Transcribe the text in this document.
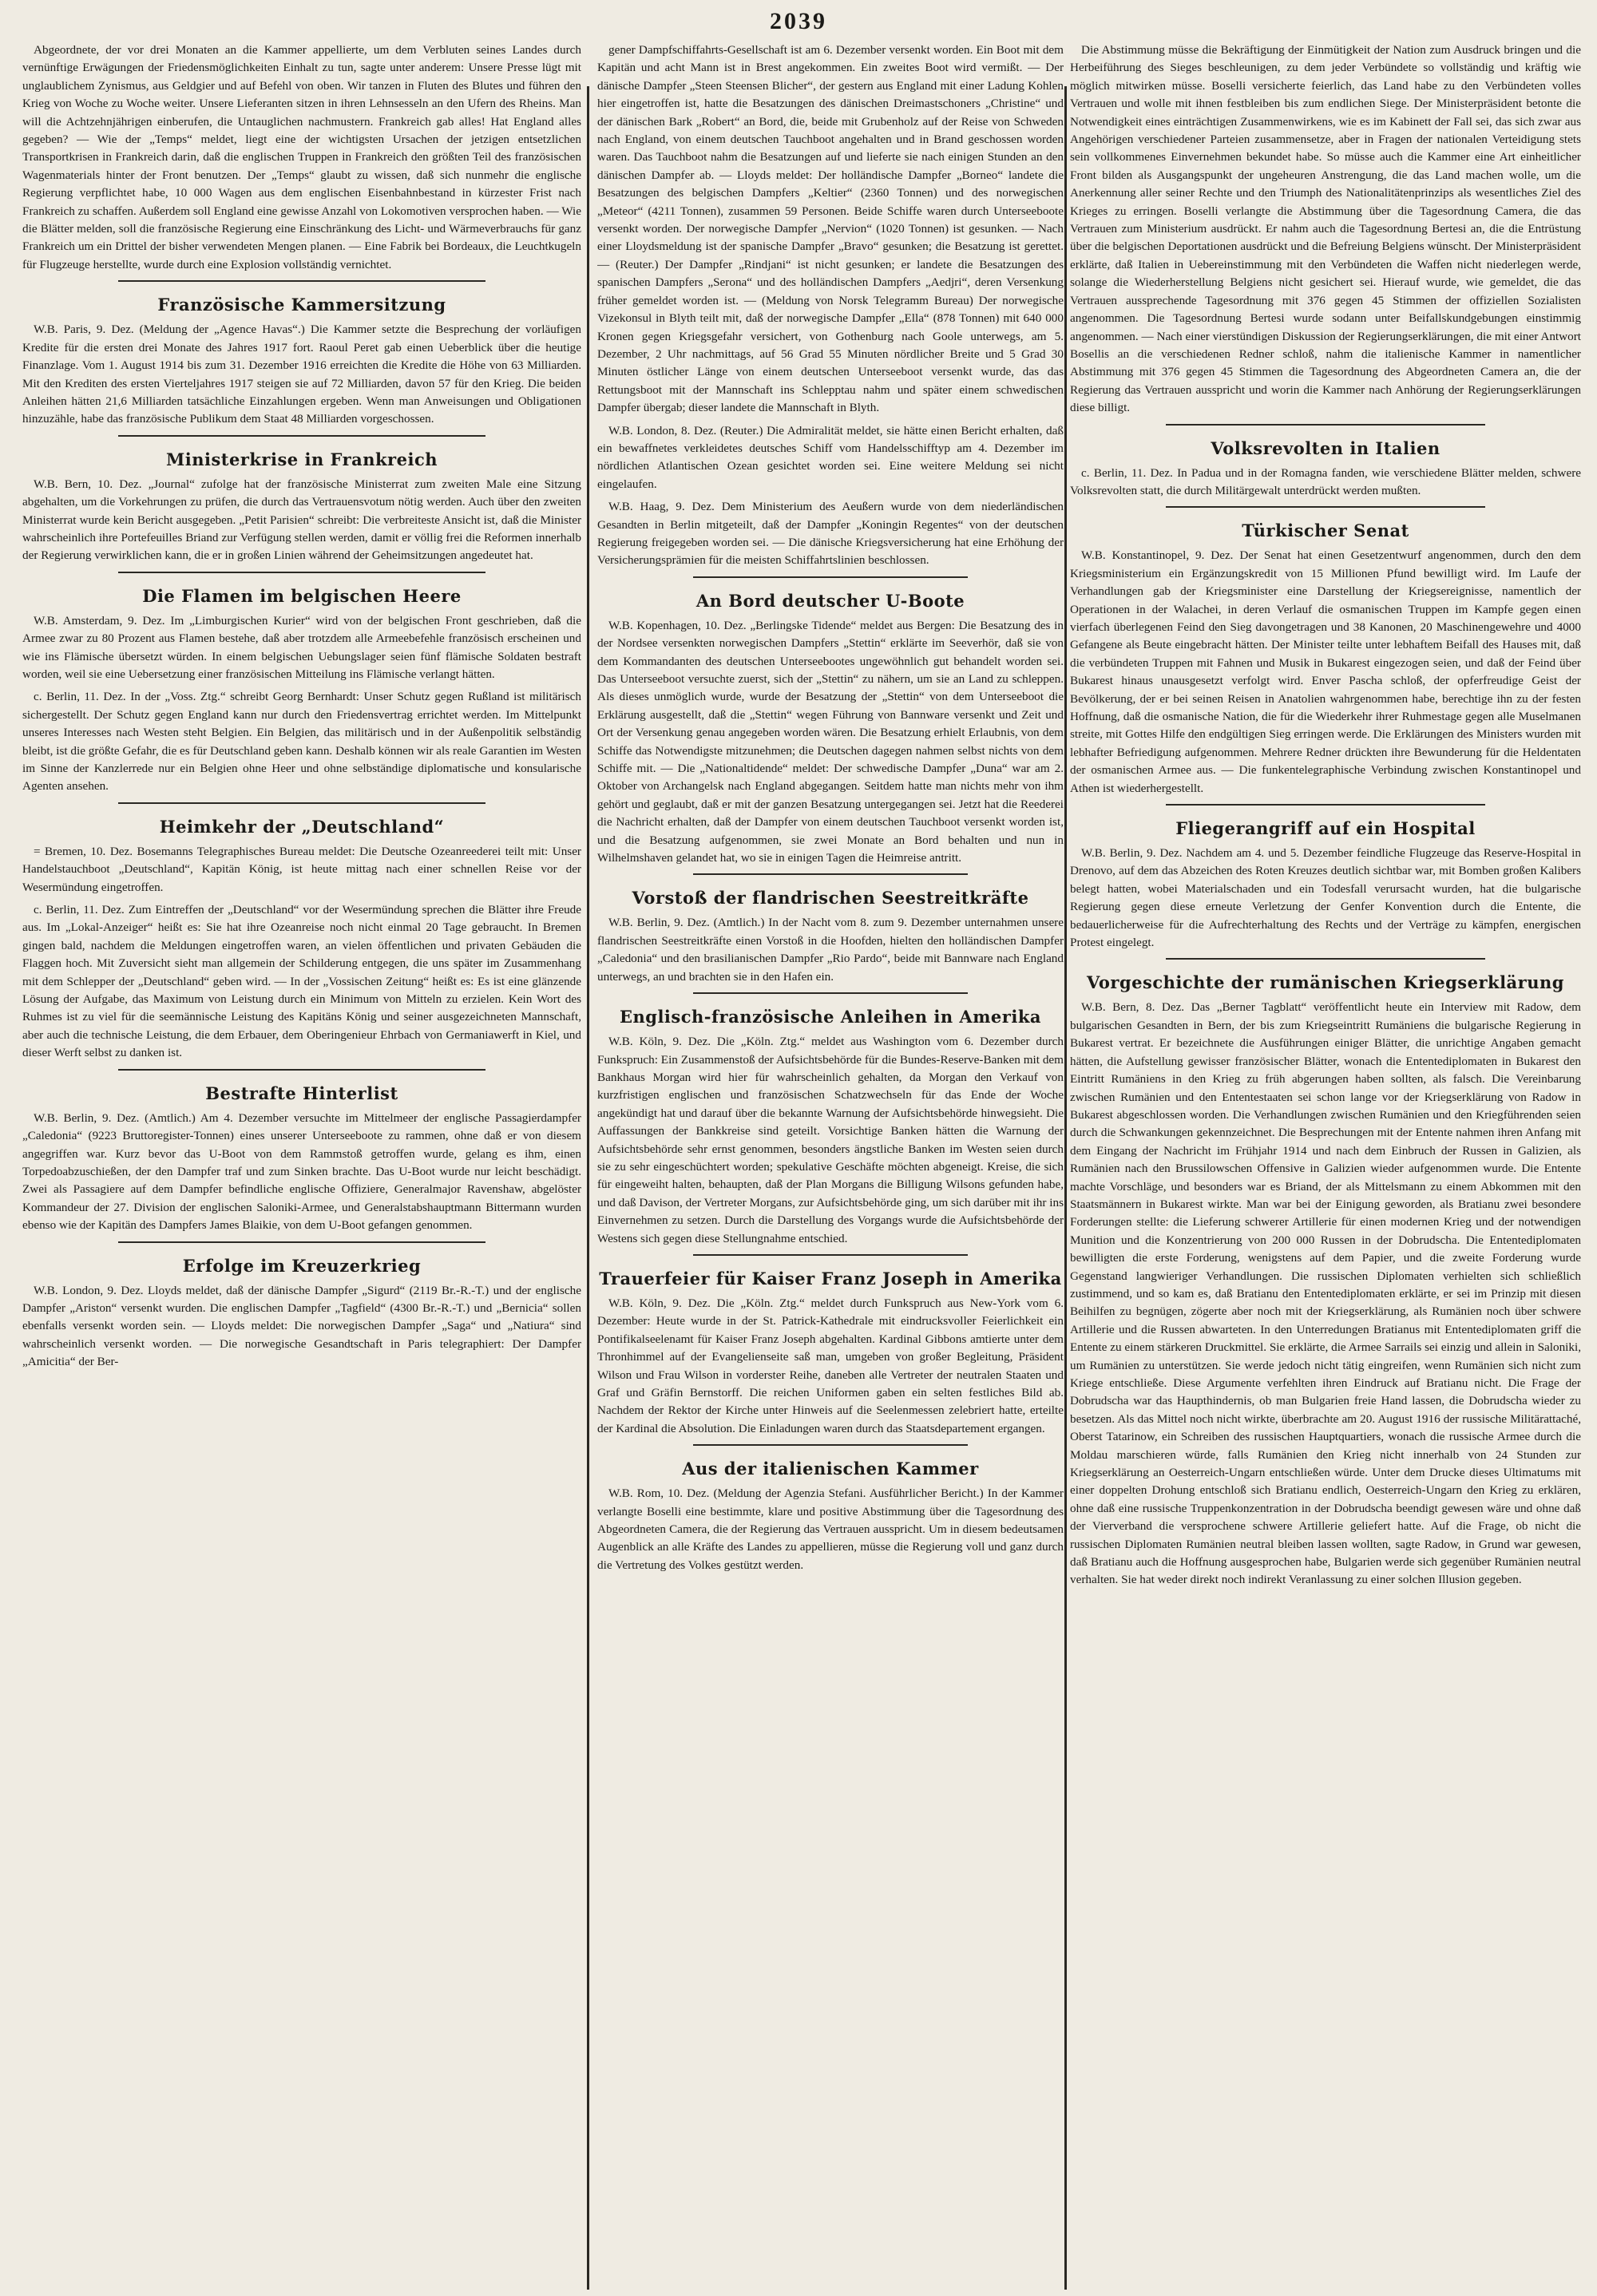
2039

Abgeordnete, der vor drei Monaten an die Kammer appellierte, um dem Verbluten seines Landes durch vernünftige Erwägungen der Friedensmöglichkeiten Einhalt zu tun, sagte unter anderem: Unsere Presse lügt mit unglaublichem Zynismus, aus Geldgier und auf Befehl von oben. Wir tanzen in Fluten des Blutes und führen den Krieg von Woche zu Woche weiter. Unsere Lieferanten sitzen in ihren Lehnsesseln an den Ufern des Rheins. Man will die Achtzehnjährigen einberufen, die Untauglichen nachmustern. Frankreich gab alles! Hat England alles gegeben? — Wie der „Temps“ meldet, liegt eine der wichtigsten Ursachen der jetzigen entsetzlichen Transportkrisen in Frankreich darin, daß die englischen Truppen in Frankreich den größten Teil des französischen Wagenmaterials hinter der Front benutzen. Der „Temps“ glaubt zu wissen, daß sich nunmehr die englische Regierung verpflichtet habe, 10 000 Wagen aus dem englischen Eisenbahnbestand in kürzester Frist nach Frankreich zu schaffen. Außerdem soll England eine gewisse Anzahl von Lokomotiven versprochen haben. — Wie die Blätter melden, soll die französische Regierung eine Einschränkung des Licht- und Wärmeverbrauchs für ganz Frankreich um ein Drittel der bisher verwendeten Mengen planen. — Eine Fabrik bei Bordeaux, die Leuchtkugeln für Flugzeuge herstellte, wurde durch eine Explosion vollständig vernichtet.

Französische Kammersitzung

W.B. Paris, 9. Dez. (Meldung der „Agence Havas“.) Die Kammer setzte die Besprechung der vorläufigen Kredite für die ersten drei Monate des Jahres 1917 fort. Raoul Peret gab einen Ueberblick über die heutige Finanzlage. Vom 1. August 1914 bis zum 31. Dezember 1916 erreichten die Kredite die Höhe von 63 Milliarden. Mit den Krediten des ersten Vierteljahres 1917 steigen sie auf 72 Milliarden, davon 57 für den Krieg. Die beiden Anleihen hätten 21,6 Milliarden tatsächliche Einzahlungen ergeben. Wenn man Anweisungen und Obligationen hinzuzähle, habe das französische Publikum dem Staat 48 Milliarden vorgeschossen.

Ministerkrise in Frankreich

W.B. Bern, 10. Dez. „Journal“ zufolge hat der französische Ministerrat zum zweiten Male eine Sitzung abgehalten, um die Vorkehrungen zu prüfen, die durch das Vertrauensvotum nötig werden. Auch über den zweiten Ministerrat wurde kein Bericht ausgegeben. „Petit Parisien“ schreibt: Die verbreiteste Ansicht ist, daß die Minister wahrscheinlich ihre Portefeuilles Briand zur Verfügung stellen werden, damit er völlig frei die Reformen innerhalb der Regierung verwirklichen kann, die er in großen Linien während der Geheimsitzungen angedeutet hat.

Die Flamen im belgischen Heere

W.B. Amsterdam, 9. Dez. Im „Limburgischen Kurier“ wird von der belgischen Front geschrieben, daß die Armee zwar zu 80 Prozent aus Flamen bestehe, daß aber trotzdem alle Armeebefehle französisch erscheinen und wie ins Flämische übersetzt würden. In einem belgischen Uebungslager seien fünf flämische Soldaten bestraft worden, weil sie eine Uebersetzung einer französischen Mitteilung ins Flämische verlangt hätten.

c. Berlin, 11. Dez. In der „Voss. Ztg.“ schreibt Georg Bernhardt: Unser Schutz gegen Rußland ist militärisch sichergestellt. Der Schutz gegen England kann nur durch den Friedensvertrag errichtet werden. Im Mittelpunkt unseres Interesses nach Westen steht Belgien. Ein Belgien, das militärisch und in der Außenpolitik selbständig bleibt, ist die größte Gefahr, die es für Deutschland geben kann. Deshalb können wir als reale Garantien im Westen im Sinne der Kanzlerrede nur ein Belgien ohne Heer und ohne selbständige diplomatische und konsularische Agenten ansehen.

Heimkehr der „Deutschland“

= Bremen, 10. Dez. Bosemanns Telegraphisches Bureau meldet: Die Deutsche Ozeanreederei teilt mit: Unser Handelstauchboot „Deutschland“, Kapitän König, ist heute mittag nach einer schnellen Reise vor der Wesermündung eingetroffen.

c. Berlin, 11. Dez. Zum Eintreffen der „Deutschland“ vor der Wesermündung sprechen die Blätter ihre Freude aus. Im „Lokal-Anzeiger“ heißt es: Sie hat ihre Ozeanreise noch nicht einmal 20 Tage gebraucht. In Bremen gingen bald, nachdem die Meldungen eingetroffen waren, an vielen öffentlichen und privaten Gebäuden die Flaggen hoch. Mit Zuversicht sieht man allgemein der Schilderung entgegen, die uns später im Zusammenhang mit dem Schlepper der „Deutschland“ geben wird. — In der „Vossischen Zeitung“ heißt es: Es ist eine glänzende Lösung der Aufgabe, das Maximum von Leistung durch ein Minimum von Mitteln zu erzielen. Kein Wort des Ruhmes ist zu viel für die seemännische Leistung des Kapitäns König und seiner ausgezeichneten Mannschaft, aber auch die technische Leistung, die dem Erbauer, dem Oberingenieur Ehrbach von Germaniawerft in Kiel, und dieser Werft selbst zu danken ist.

Bestrafte Hinterlist

W.B. Berlin, 9. Dez. (Amtlich.) Am 4. Dezember versuchte im Mittelmeer der englische Passagierdampfer „Caledonia“ (9223 Bruttoregister-Tonnen) eines unserer Unterseeboote zu rammen, ohne daß er von diesem angegriffen war. Kurz bevor das U-Boot von dem Rammstoß getroffen wurde, gelang es ihm, einen Torpedoabzuschießen, der den Dampfer traf und zum Sinken brachte. Das U-Boot wurde nur leicht beschädigt. Zwei als Passagiere auf dem Dampfer befindliche englische Offiziere, Generalmajor Ravenshaw, abgelöster Kommandeur der 27. Division der englischen Saloniki-Armee, und Generalstabshauptmann Bittermann wurden ebenso wie der Kapitän des Dampfers James Blaikie, von dem U-Boot gefangen genommen.

Erfolge im Kreuzerkrieg

W.B. London, 9. Dez. Lloyds meldet, daß der dänische Dampfer „Sigurd“ (2119 Br.-R.-T.) und der englische Dampfer „Ariston“ versenkt wurden. Die englischen Dampfer „Tagfield“ (4300 Br.-R.-T.) und „Bernicia“ sollen ebenfalls versenkt worden sein. — Lloyds meldet: Die norwegischen Dampfer „Saga“ und „Natiura“ sind wahrscheinlich versenkt worden. — Die norwegische Gesandtschaft in Paris telegraphiert: Der Dampfer „Amicitia“ der Ber-

gener Dampfschiffahrts-Gesellschaft ist am 6. Dezember versenkt worden. Ein Boot mit dem Kapitän und acht Mann ist in Brest angekommen. Ein zweites Boot wird vermißt. — Der dänische Dampfer „Steen Steensen Blicher“, der gestern aus England mit einer Ladung Kohlen hier eingetroffen ist, hatte die Besatzungen des dänischen Dreimastschoners „Christine“ und der dänischen Bark „Robert“ an Bord, die, beide mit Grubenholz auf der Reise von Schweden nach England, von einem deutschen Tauchboot angehalten und in Brand geschossen worden waren. Das Tauchboot nahm die Besatzungen auf und lieferte sie nach einigen Stunden an den dänischen Dampfer ab. — Lloyds meldet: Der holländische Dampfer „Borneo“ landete die Besatzungen des belgischen Dampfers „Keltier“ (2360 Tonnen) und des norwegischen „Meteor“ (4211 Tonnen), zusammen 59 Personen. Beide Schiffe waren durch Unterseeboote versenkt worden. Der norwegische Dampfer „Nervion“ (1020 Tonnen) ist gesunken. — Nach einer Lloydsmeldung ist der spanische Dampfer „Bravo“ gesunken; die Besatzung ist gerettet. — (Reuter.) Der Dampfer „Rindjani“ ist nicht gesunken; er landete die Besatzungen des spanischen Dampfers „Serona“ und des holländischen Dampfers „Aedjri“, deren Versenkung früher gemeldet worden ist. — (Meldung von Norsk Telegramm Bureau) Der norwegische Vizekonsul in Blyth teilt mit, daß der norwegische Dampfer „Ella“ (878 Tonnen) mit 640 000 Kronen gegen Kriegsgefahr versichert, von Gothenburg nach Goole unterwegs, am 5. Dezember, 2 Uhr nachmittags, auf 56 Grad 55 Minuten nördlicher Breite und 5 Grad 30 Minuten östlicher Länge von einem deutschen Unterseeboot versenkt wurde, das das Rettungsboot mit der Mannschaft ins Schlepptau nahm und später einem schwedischen Dampfer übergab; dieser landete die Mannschaft in Blyth.

W.B. London, 8. Dez. (Reuter.) Die Admiralität meldet, sie hätte einen Bericht erhalten, daß ein bewaffnetes verkleidetes deutsches Schiff vom Handelsschifftyp am 4. Dezember im nördlichen Atlantischen Ozean gesichtet worden sei. Eine weitere Meldung sei nicht eingelaufen.

W.B. Haag, 9. Dez. Dem Ministerium des Aeußern wurde von dem niederländischen Gesandten in Berlin mitgeteilt, daß der Dampfer „Koningin Regentes“ von der deutschen Regierung freigegeben worden sei. — Die dänische Kriegsversicherung hat eine Erhöhung der Versicherungsprämien für die meisten Schiffahrtslinien beschlossen.

An Bord deutscher U-Boote

W.B. Kopenhagen, 10. Dez. „Berlingske Tidende“ meldet aus Bergen: Die Besatzung des in der Nordsee versenkten norwegischen Dampfers „Stettin“ erklärte im Seeverhör, daß sie von dem Kommandanten des deutschen Unterseebootes ungewöhnlich gut behandelt worden sei. Das Unterseeboot versuchte zuerst, sich der „Stettin“ zu nähern, um sie an Land zu schleppen. Als dieses unmöglich wurde, wurde der Besatzung der „Stettin“ von dem Unterseeboot die Erklärung ausgestellt, daß die „Stettin“ wegen Führung von Bannware versenkt und Zeit und Ort der Versenkung genau angegeben worden wären. Die Besatzung erhielt Erlaubnis, von dem Schiffe das Notwendigste mitzunehmen; die Deutschen dagegen nahmen selbst nichts von dem Schiffe mit. — Die „Nationaltidende“ meldet: Der schwedische Dampfer „Duna“ war am 2. Oktober von Archangelsk nach England abgegangen. Seitdem hatte man nichts mehr von ihm gehört und geglaubt, daß er mit der ganzen Besatzung untergegangen sei. Jetzt hat die Reederei die Nachricht erhalten, daß der Dampfer von einem deutschen Tauchboot versenkt worden ist, und die Besatzung aufgenommen, sie zwei Monate an Bord behalten und nun in Wilhelmshaven gelandet hat, wo sie in einigen Tagen die Heimreise antritt.

Vorstoß der flandrischen Seestreitkräfte

W.B. Berlin, 9. Dez. (Amtlich.) In der Nacht vom 8. zum 9. Dezember unternahmen unsere flandrischen Seestreitkräfte einen Vorstoß in die Hoofden, hielten den holländischen Dampfer „Caledonia“ und den brasilianischen Dampfer „Rio Pardo“, beide mit Bannware nach England unterwegs, an und brachten sie in den Hafen ein.

Englisch-französische Anleihen in Amerika

W.B. Köln, 9. Dez. Die „Köln. Ztg.“ meldet aus Washington vom 6. Dezember durch Funkspruch: Ein Zusammenstoß der Aufsichtsbehörde für die Bundes-Reserve-Banken mit dem Bankhaus Morgan wird hier für wahrscheinlich gehalten, da Morgan den Verkauf von kurzfristigen englischen und französischen Schatzwechseln für das Ende der Woche angekündigt hat und darauf über die bekannte Warnung der Aufsichtsbehörde hinwegsieht. Die Auffassungen der Bankkreise sind geteilt. Vorsichtige Banken hätten die Warnung der Aufsichtsbehörde sehr ernst genommen, besonders ängstliche Banken im Westen seien durch sie zu sehr eingeschüchtert worden; spekulative Geschäfte möchten abgeneigt. Kreise, die sich für eingeweiht halten, behaupten, daß der Plan Morgans die Billigung Wilsons gefunden habe, und daß Davison, der Vertreter Morgans, zur Aufsichtsbehörde ging, um sich darüber mit ihr ins Einvernehmen zu setzen. Durch die Darstellung des Vorgangs wurde die Aufsichtsbehörde der Westens sich gegen diese Stellungnahme entschied.

Trauerfeier für Kaiser Franz Joseph in Amerika

W.B. Köln, 9. Dez. Die „Köln. Ztg.“ meldet durch Funkspruch aus New-York vom 6. Dezember: Heute wurde in der St. Patrick-Kathedrale mit eindrucksvoller Feierlichkeit ein Pontifikalseelenamt für Kaiser Franz Joseph abgehalten. Kardinal Gibbons amtierte unter dem Thronhimmel auf der Evangelienseite saß man, umgeben von großer Begleitung, Präsident Wilson und Frau Wilson in vorderster Reihe, daneben alle Vertreter der neutralen Staaten und Graf und Gräfin Bernstorff. Die reichen Uniformen gaben ein selten festliches Bild ab. Nachdem der Rektor der Kirche unter Hinweis auf die Seelenmessen zelebriert hatte, erteilte der Kardinal die Absolution. Die Einladungen waren durch das Staatsdepartement ergangen.

Aus der italienischen Kammer

W.B. Rom, 10. Dez. (Meldung der Agenzia Stefani. Ausführlicher Bericht.) In der Kammer verlangte Boselli eine bestimmte, klare und positive Abstimmung über die Tagesordnung des Abgeordneten Camera, die der Regierung das Vertrauen ausspricht. Um in diesem bedeutsamen Augenblick an alle Kräfte des Landes zu appellieren, müsse die Regierung voll und ganz durch die Vertretung des Volkes gestützt werden.

Die Abstimmung müsse die Bekräftigung der Einmütigkeit der Nation zum Ausdruck bringen und die Herbeiführung des Sieges beschleunigen, zu dem jeder Verbündete so vollständig und kräftig wie möglich mitwirken müsse. Boselli versicherte feierlich, das Land habe zu den Verbündeten volles Vertrauen und wolle mit ihnen festbleiben bis zum endlichen Siege. Der Ministerpräsident betonte die Notwendigkeit eines einträchtigen Zusammenwirkens, wie es im Kabinett der Fall sei, das sich zwar aus Angehörigen verschiedener Parteien zusammensetze, aber in Fragen der nationalen Verteidigung stets sein vollkommenes Einvernehmen bekundet habe. So müsse auch die Kammer eine Art einheitlicher Front bilden als Ausgangspunkt der ungeheuren Anstrengung, die das Land machen wolle, um die Anerkennung aller seiner Rechte und den Triumph des Nationalitätenprinzips als wesentliches Ziel des Krieges zu erringen. Boselli verlangte die Abstimmung über die Tagesordnung Camera, die das Vertrauen zum Ministerium ausdrückt. Er nahm auch die Tagesordnung Bertesi an, die die Entrüstung über die belgischen Deportationen ausdrückt und die Befreiung Belgiens wünscht. Der Ministerpräsident erklärte, daß Italien in Uebereinstimmung mit den Verbündeten die Waffen nicht niederlegen werde, solange die Wiederherstellung Belgiens nicht gesichert sei. Hierauf wurde, wie gemeldet, die das Vertrauen aussprechende Tagesordnung mit 376 gegen 45 Stimmen der offiziellen Sozialisten angenommen. Die Tagesordnung Bertesi wurde sodann unter Beifallskundgebungen einstimmig angenommen. — Nach einer vierstündigen Diskussion der Regierungserklärungen, die mit einer Antwort Bosellis an die verschiedenen Redner schloß, nahm die italienische Kammer in namentlicher Abstimmung mit 376 gegen 45 Stimmen die Tagesordnung des Abgeordneten Camera an, die der Regierung das Vertrauen ausspricht und worin die Kammer nach Anhörung der Regierungserklärungen diese billigt.

Volksrevolten in Italien

c. Berlin, 11. Dez. In Padua und in der Romagna fanden, wie verschiedene Blätter melden, schwere Volksrevolten statt, die durch Militärgewalt unterdrückt werden mußten.

Türkischer Senat

W.B. Konstantinopel, 9. Dez. Der Senat hat einen Gesetzentwurf angenommen, durch den dem Kriegsministerium ein Ergänzungskredit von 15 Millionen Pfund bewilligt wird. Im Laufe der Verhandlungen gab der Kriegsminister eine Darstellung der Kriegsereignisse, namentlich der Operationen in der Walachei, in deren Verlauf die osmanischen Truppen im Kampfe gegen einen vierfach überlegenen Feind den Sieg davongetragen und 38 Kanonen, 20 Maschinengewehre und 4000 Gefangene als Beute eingebracht hätten. Der Minister teilte unter lebhaftem Beifall des Hauses mit, daß die verbündeten Truppen mit Fahnen und Musik in Bukarest eingezogen seien, und daß der Feind über Bukarest hinaus unausgesetzt verfolgt wird. Enver Pascha schloß, der opferfreudige Geist der Bevölkerung, der er bei seinen Reisen in Anatolien wahrgenommen habe, berechtige ihn zu der festen Hoffnung, daß die osmanische Nation, die für die Wiederkehr ihrer Ruhmestage gegen alle Muselmanen streite, mit Gottes Hilfe den endgültigen Sieg erringen werde. Die Erklärungen des Ministers wurden mit lebhafter Befriedigung aufgenommen. Mehrere Redner drückten ihre Bewunderung für die Heldentaten der osmanischen Armee aus. — Die funkentelegraphische Verbindung zwischen Konstantinopel und Athen ist wiederhergestellt.

Fliegerangriff auf ein Hospital

W.B. Berlin, 9. Dez. Nachdem am 4. und 5. Dezember feindliche Flugzeuge das Reserve-Hospital in Drenovo, auf dem das Abzeichen des Roten Kreuzes deutlich sichtbar war, mit Bomben großen Kalibers belegt hatten, wobei Materialschaden und ein Todesfall verursacht wurden, hat die bulgarische Regierung gegen diese erneute Verletzung der Genfer Konvention durch die Entente, die bedauerlicherweise für die Aufrechterhaltung des Rechts und der Verträge zu kämpfen, energischen Protest eingelegt.

Vorgeschichte der rumänischen Kriegserklärung

W.B. Bern, 8. Dez. Das „Berner Tagblatt“ veröffentlicht heute ein Interview mit Radow, dem bulgarischen Gesandten in Bern, der bis zum Kriegseintritt Rumäniens die bulgarische Regierung in Bukarest vertrat. Er bezeichnete die Ausführungen einiger Blätter, die unrichtige Angaben gemacht hätten, die Aufstellung gewisser französischer Blätter, wonach die Ententediplomaten in Bukarest den Eintritt Rumäniens in den Krieg zu früh abgerungen haben sollten, als falsch. Die Vereinbarung zwischen Rumänien und den Ententestaaten sei schon lange vor der Kriegserklärung von Radow in Bukarest abgeschlossen worden. Die Verhandlungen zwischen Rumänien und den Kriegführenden seien durch die Schwankungen gekennzeichnet. Die Besprechungen mit der Entente nahmen ihren Anfang mit dem Eingang der Nachricht im Frühjahr 1914 und nach dem Einbruch der Russen in Galizien, als Rumänien nach den Brussilowschen Offensive in Galizien wieder aufgenommen wurde. Die Entente machte Vorschläge, und besonders war es Briand, der als Mittelsmann zu einem Abkommen mit den Staatsmännern in Bukarest wirkte. Man war bei der Einigung geworden, als Bratianu zwei besondere Forderungen stellte: die Lieferung schwerer Artillerie für einen modernen Krieg und der notwendigen Munition und die Konzentrierung von 200 000 Russen in der Dobrudscha. Die Ententediplomaten bewilligten die erste Forderung, wenigstens auf dem Papier, und die zweite Forderung wurde Gegenstand langwieriger Verhandlungen. Die russischen Diplomaten verhielten sich schließlich zustimmend, und so kam es, daß Bratianu den Ententediplomaten erklärte, er sei im Prinzip mit diesen Beihilfen zu begnügen, zögerte aber noch mit der Kriegserklärung, als Rumänien noch über schwere Artillerie und die Russen abwarteten. In den Unterredungen Bratianus mit Ententediplomaten griff die Entente zu einem stärkeren Druckmittel. Sie erklärte, die Armee Sarrails sei einzig und allein in Saloniki, um Rumänien zu unterstützen. Sie werde jedoch nicht tätig eingreifen, wenn Rumänien sich nicht zum Kriege entschließe. Diese Argumente verfehlten ihren Eindruck auf Bratianu nicht. Die Frage der Dobrudscha war das Haupthindernis, ob man Bulgarien freie Hand lassen, die Dobrudscha wieder zu besetzen. Als das Mittel noch nicht wirkte, überbrachte am 20. August 1916 der russische Militärattaché, Oberst Tatarinow, ein Schreiben des russischen Hauptquartiers, wonach die russische Armee durch die Moldau marschieren würde, falls Rumänien den Krieg nicht innerhalb von 24 Stunden zur Kriegserklärung an Oesterreich-Ungarn entschließen würde. Unter dem Drucke dieses Ultimatums mit einer doppelten Drohung entschloß sich Bratianu endlich, Oesterreich-Ungarn den Krieg zu erklären, ohne daß eine russische Truppenkonzentration in der Dobrudscha beendigt gewesen wäre und ohne daß der Vierverband die versprochene schwere Artillerie geliefert hatte. Auf die Frage, ob nicht die russischen Diplomaten Rumänien neutral bleiben lassen wollten, sagte Radow, in Grund war gewesen, daß Bratianu auch die Hoffnung ausgesprochen habe, Bulgarien werde sich gegenüber Rumänien neutral verhalten. Sie hat weder direkt noch indirekt Veranlassung zu einer solchen Illusion gegeben.
